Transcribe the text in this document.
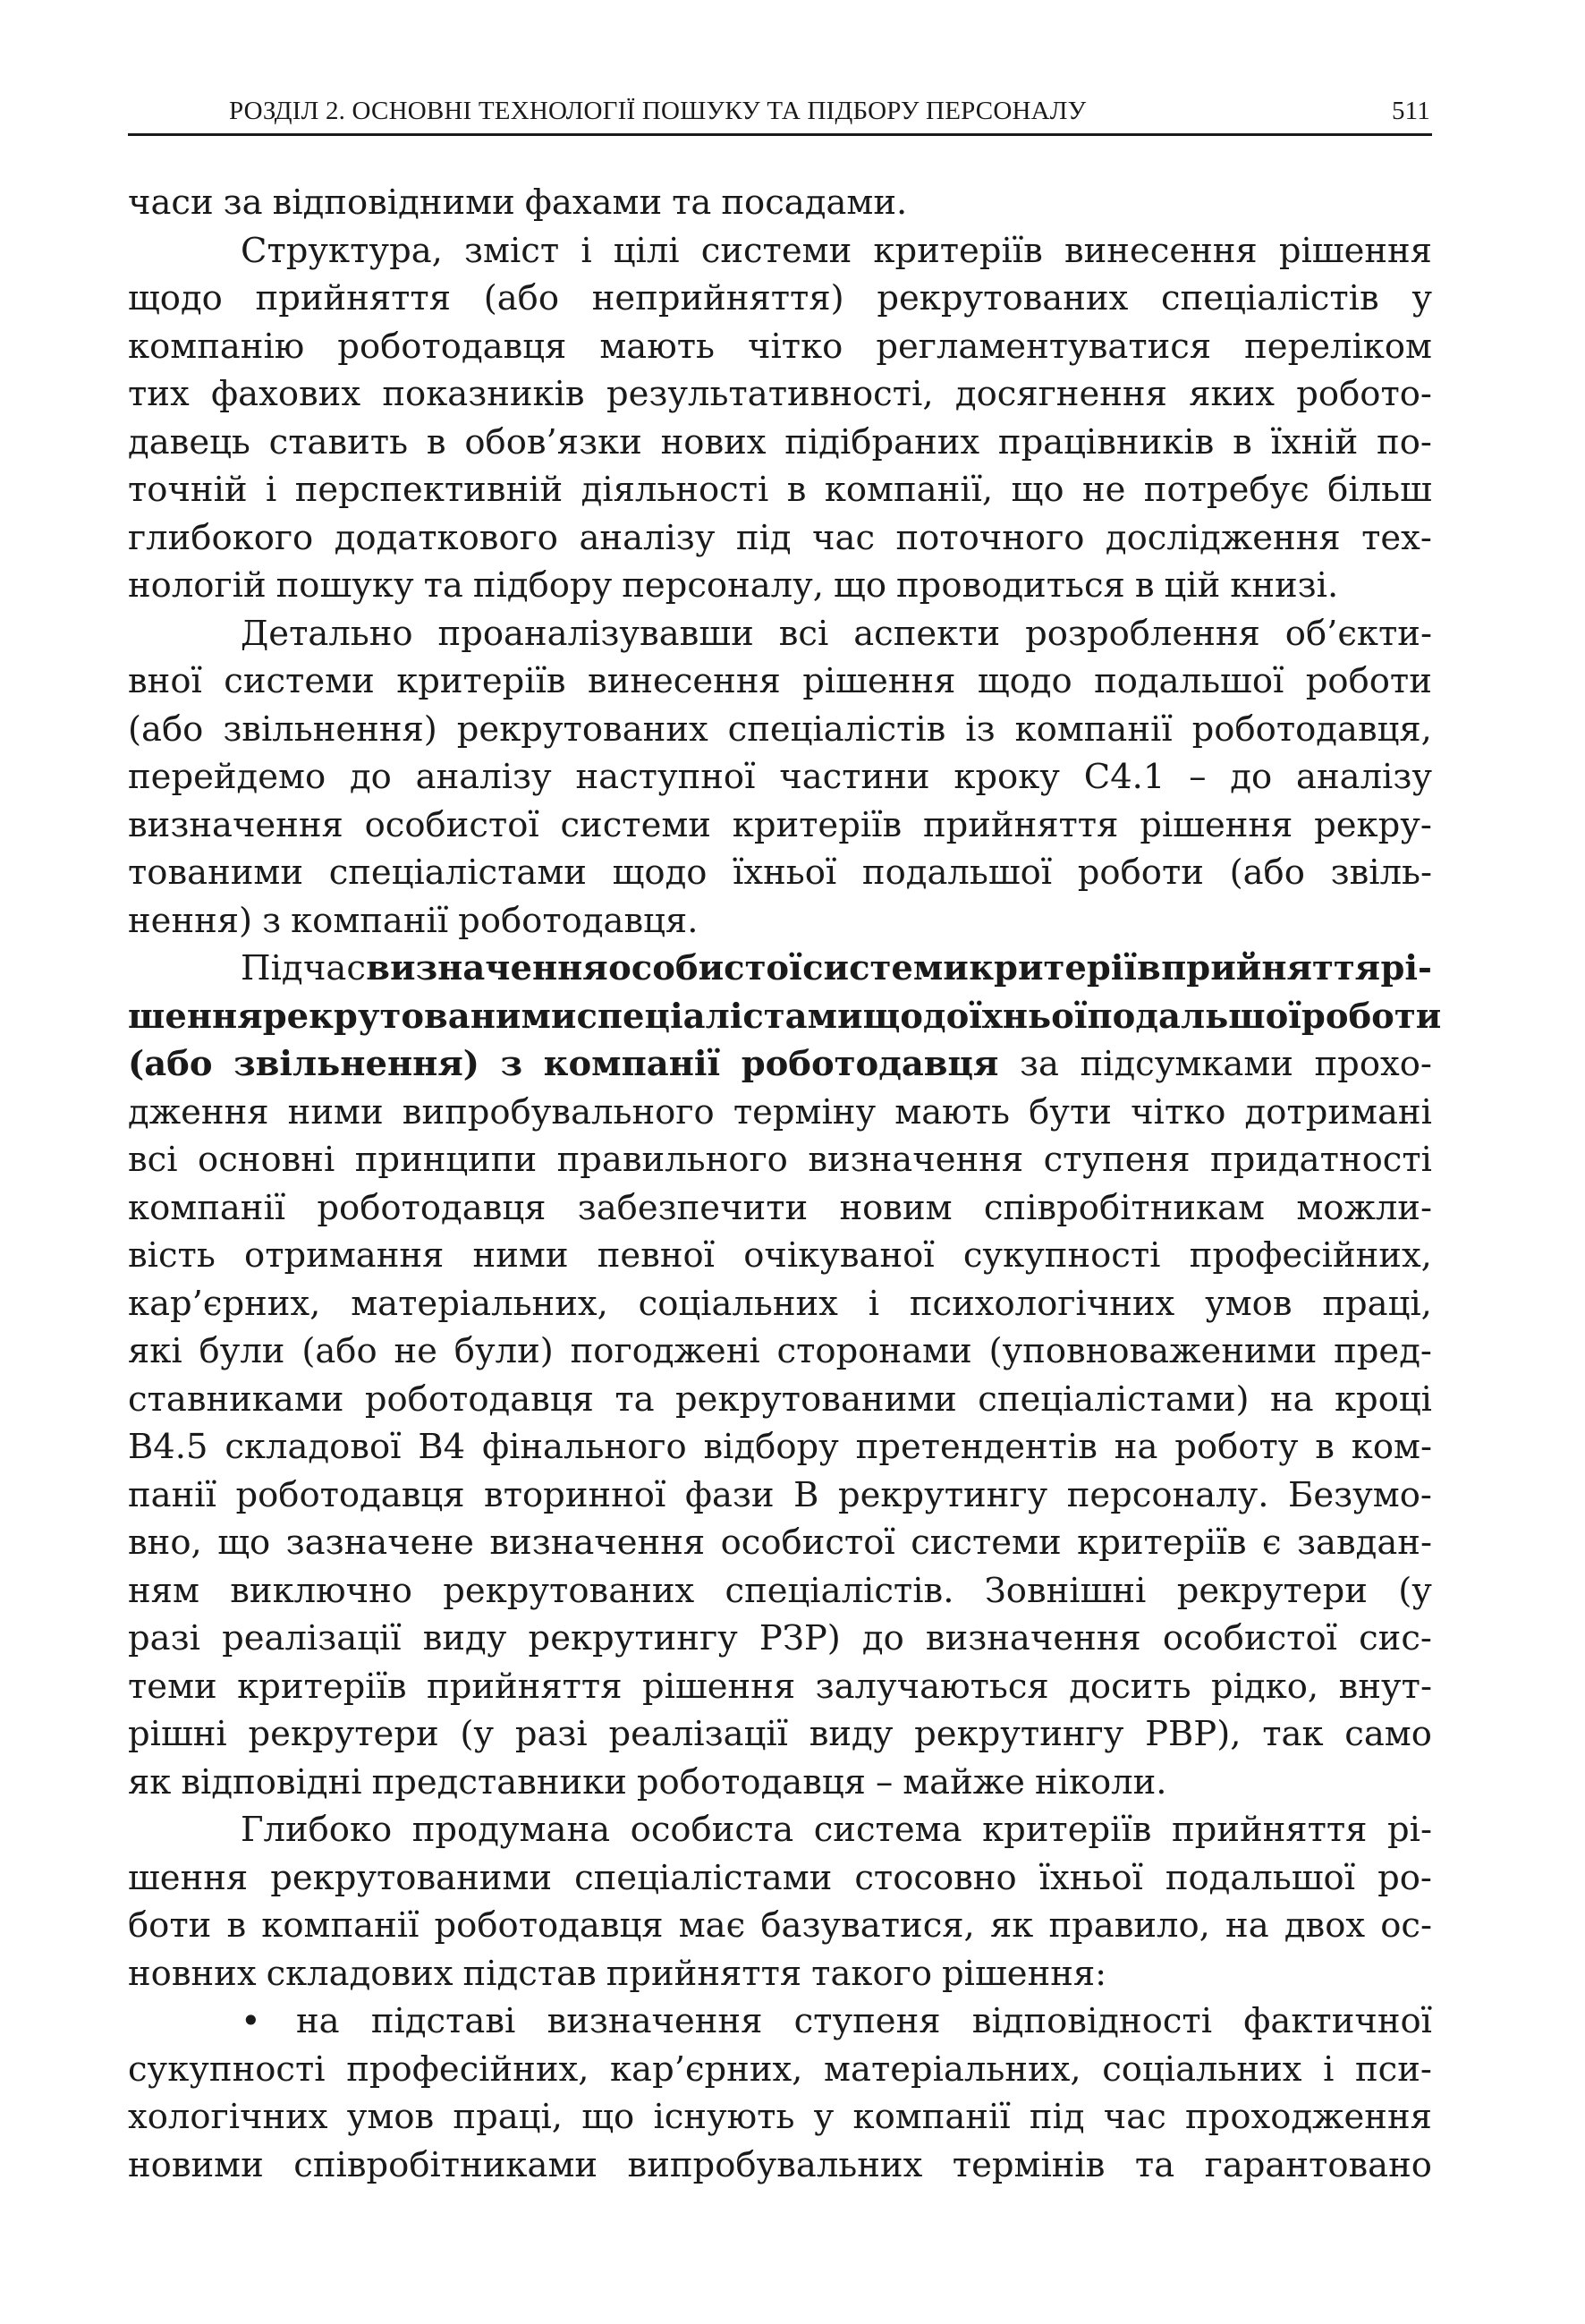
РОЗДІЛ 2. ОСНОВНІ ТЕХНОЛОГІЇ ПОШУКУ ТА ПІДБОРУ ПЕРСОНАЛУ	511
часи за відповідними фахами та посадами.
Структура, зміст і цілі системи критеріїв винесення рішення
щодо прийняття (або неприйняття) рекрутованих спеціалістів у
компанію роботодавця мають чітко регламентуватися переліком
тих фахових показників результативності, досягнення яких робото-
давець ставить в обов’язки нових підібраних працівників в їхній по-
точній і перспективній діяльності в компанії, що не потребує більш
глибокого додаткового аналізу під час поточного дослідження тех-
нологій пошуку та підбору персоналу, що проводиться в цій книзі.
Детально проаналізувавши всі аспекти розроблення об’єкти-
вної системи критеріїв винесення рішення щодо подальшої роботи
(або звільнення) рекрутованих спеціалістів із компанії роботодавця,
перейдемо до аналізу наступної частини кроку С4.1 – до аналізу
визначення особистої системи критеріїв прийняття рішення рекру-
тованими спеціалістами щодо їхньої подальшої роботи (або звіль-
нення) з компанії роботодавця.
Під час визначення особистої системи критеріїв прийняття рі-
шення рекрутованими спеціалістами щодо їхньої подальшої роботи
(або звільнення) з компанії роботодавця за підсумками прохо-
дження ними випробувального терміну мають бути чітко дотримані
всі основні принципи правильного визначення ступеня придатності
компанії роботодавця забезпечити новим співробітникам можли-
вість отримання ними певної очікуваної сукупності професійних,
кар’єрних, матеріальних, соціальних і психологічних умов праці,
які були (або не були) погоджені сторонами (уповноваженими пред-
ставниками роботодавця та рекрутованими спеціалістами) на кроці
В4.5 складової В4 фінального відбору претендентів на роботу в ком-
панії роботодавця вторинної фази В рекрутингу персоналу. Безумо-
вно, що зазначене визначення особистої системи критеріїв є завдан-
ням виключно рекрутованих спеціалістів. Зовнішні рекрутери (у
разі реалізації виду рекрутингу РЗР) до визначення особистої сис-
теми критеріїв прийняття рішення залучаються досить рідко, внут-
рішні рекрутери (у разі реалізації виду рекрутингу РВР), так само
як відповідні представники роботодавця – майже ніколи.
Глибоко продумана особиста система критеріїв прийняття рі-
шення рекрутованими спеціалістами стосовно їхньої подальшої ро-
боти в компанії роботодавця має базуватися, як правило, на двох ос-
новних складових підстав прийняття такого рішення:
•	на підставі визначення ступеня відповідності фактичної
сукупності професійних, кар’єрних, матеріальних, соціальних і пси-
хологічних умов праці, що існують у компанії під час проходження
новими співробітниками випробувальних термінів та гарантовано
